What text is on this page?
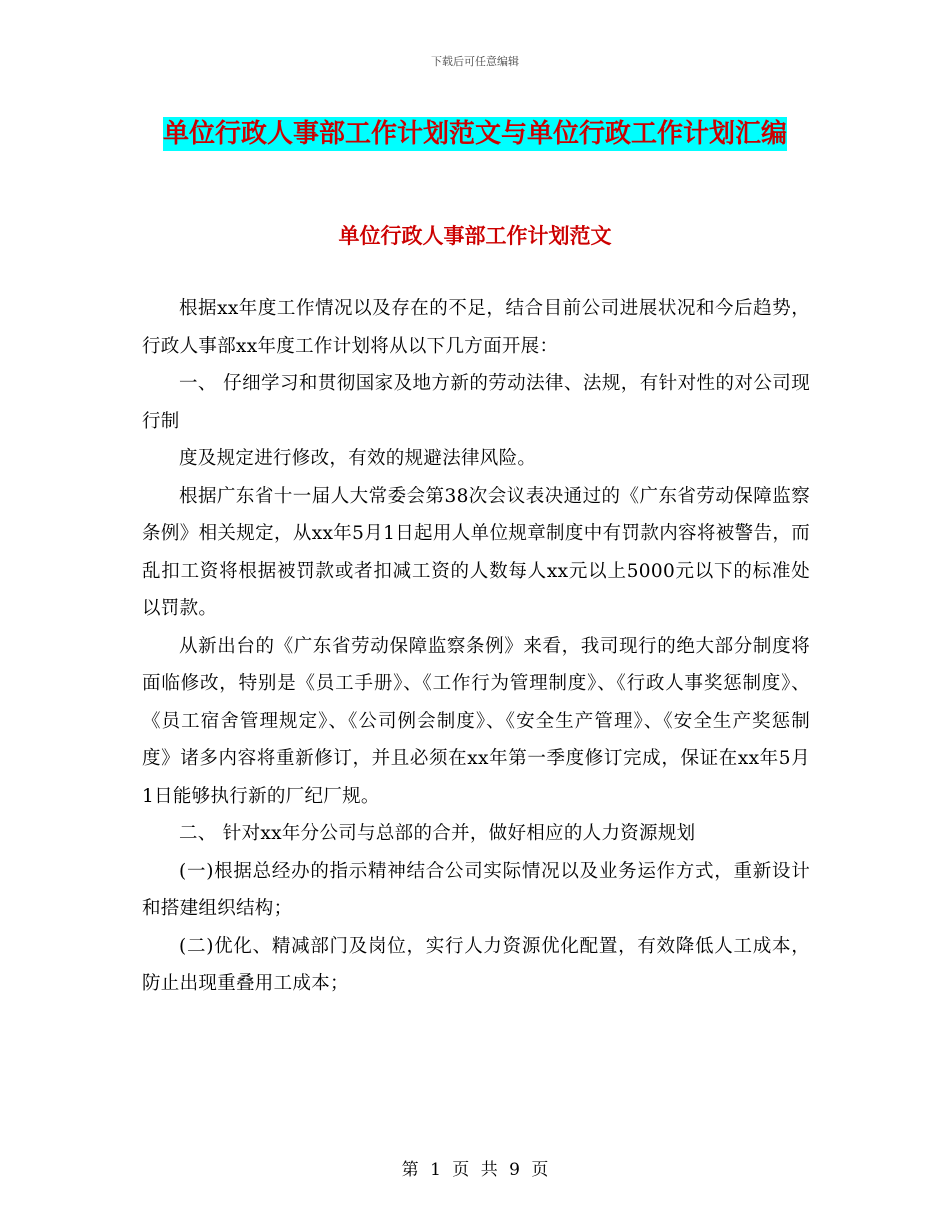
下载后可任意编辑
单位行政人事部工作计划范文与单位行政工作计划汇编
单位行政人事部工作计划范文

根据xx年度工作情况以及存在的不足，结合目前公司进展状况和今后趋势，行政人事部xx年度工作计划将从以下几方面开展：

一、 仔细学习和贯彻国家及地方新的劳动法律、法规，有针对性的对公司现行制

度及规定进行修改，有效的规避法律风险。

根据广东省十一届人大常委会第38次会议表决通过的《广东省劳动保障监察条例》相关规定，从xx年5月1日起用人单位规章制度中有罚款内容将被警告，而乱扣工资将根据被罚款或者扣减工资的人数每人xx元以上5000元以下的标准处以罚款。

从新出台的《广东省劳动保障监察条例》来看，我司现行的绝大部分制度将面临修改，特别是《员工手册》、《工作行为管理制度》、《行政人事奖惩制度》、《员工宿舍管理规定》、《公司例会制度》、《安全生产管理》、《安全生产奖惩制度》诸多内容将重新修订，并且必须在xx年第一季度修订完成，保证在xx年5月1日能够执行新的厂纪厂规。

二、 针对xx年分公司与总部的合并，做好相应的人力资源规划

(一)根据总经办的指示精神结合公司实际情况以及业务运作方式，重新设计和搭建组织结构；

(二)优化、精减部门及岗位，实行人力资源优化配置，有效降低人工成本，防止出现重叠用工成本；

第 1 页 共 9 页
